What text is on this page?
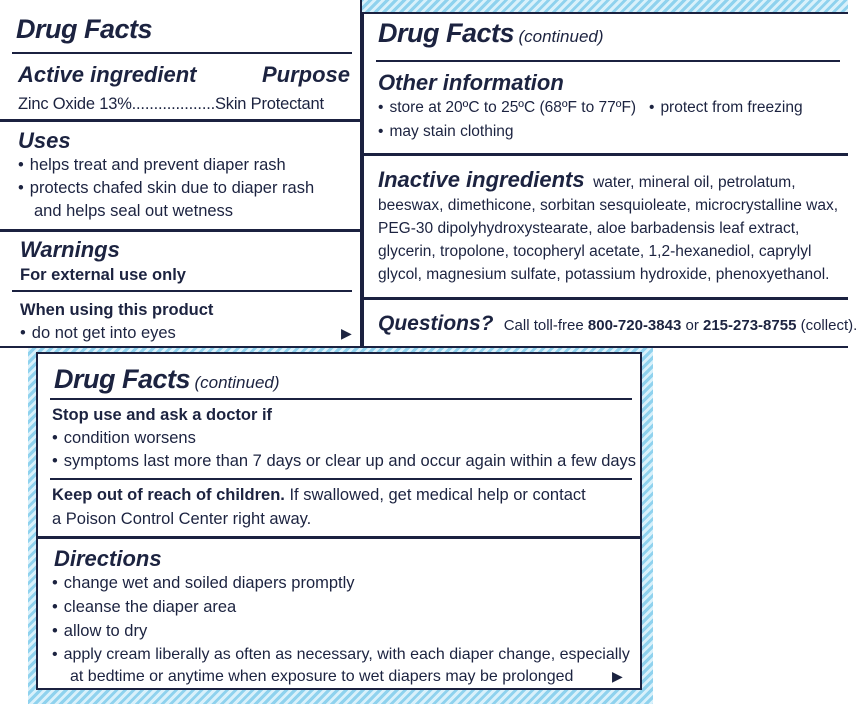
Drug Facts
Active ingredient	Purpose
Zinc Oxide 13%...................Skin Protectant
Uses
• helps treat and prevent diaper rash
• protects chafed skin due to diaper rash
and helps seal out wetness
Warnings
For external use only
When using this product
• do not get into eyes	▶
Drug Facts (continued)
Other information
• store at 20ºC to 25ºC (68ºF to 77ºF)
•	protect from freezing
• may stain clothing
Inactive ingredients water, mineral oil, petrolatum,
beeswax, dimethicone, sorbitan sesquioleate, microcrystalline wax,
PEG-30 dipolyhydroxystearate, aloe barbadensis leaf extract,
glycerin, tropolone, tocopheryl acetate, 1,2-hexanediol, caprylyl
glycol, magnesium sulfate, potassium hydroxide, phenoxyethanol.
Questions? Call toll-free 800-720-3843 or 215-273-8755 (collect).
Drug Facts (continued)
Stop use and ask a doctor if
• condition worsens
• symptoms last more than 7 days or clear up and occur again within a few days
Keep out of reach of children. If swallowed, get medical help or contact
a Poison Control Center right away.
Directions
• change wet and soiled diapers promptly
• cleanse the diaper area
• allow to dry
• apply cream liberally as often as necessary, with each diaper change, especially
at bedtime or anytime when exposure to wet diapers may be prolonged	▶
